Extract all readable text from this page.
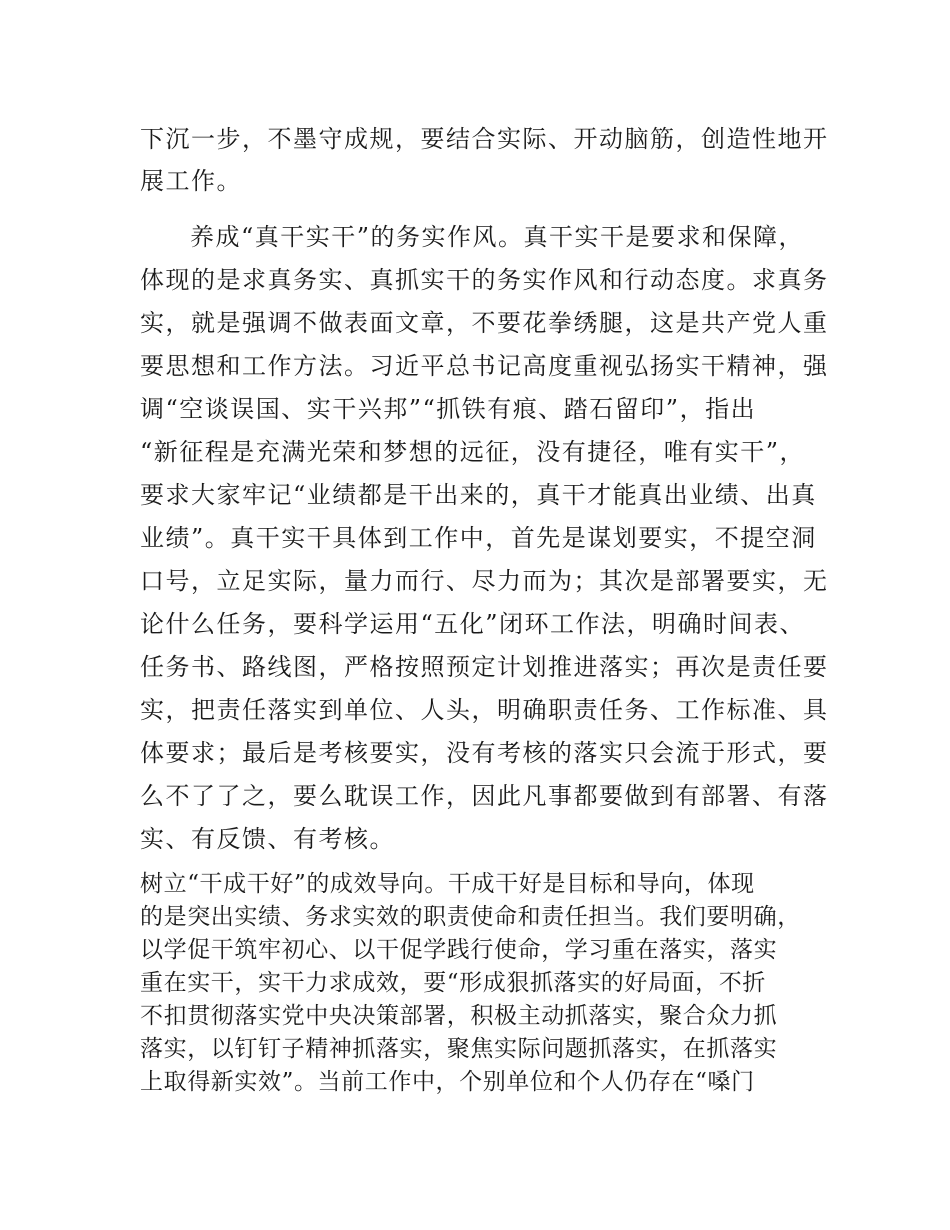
下沉一步，不墨守成规，要结合实际、开动脑筋，创造性地开
展工作。
养成“真干实干”的务实作风。真干实干是要求和保障，
体现的是求真务实、真抓实干的务实作风和行动态度。求真务
实，就是强调不做表面文章，不要花拳绣腿，这是共产党人重
要思想和工作方法。习近平总书记高度重视弘扬实干精神，强
调“空谈误国、实干兴邦”“抓铁有痕、踏石留印”，指出
“新征程是充满光荣和梦想的远征，没有捷径，唯有实干”，
要求大家牢记“业绩都是干出来的，真干才能真出业绩、出真
业绩”。真干实干具体到工作中，首先是谋划要实，不提空洞
口号，立足实际，量力而行、尽力而为；其次是部署要实，无
论什么任务，要科学运用“五化”闭环工作法，明确时间表、
任务书、路线图，严格按照预定计划推进落实；再次是责任要
实，把责任落实到单位、人头，明确职责任务、工作标准、具
体要求；最后是考核要实，没有考核的落实只会流于形式，要
么不了了之，要么耽误工作，因此凡事都要做到有部署、有落
实、有反馈、有考核。
树立“干成干好”的成效导向。干成干好是目标和导向，体现
的是突出实绩、务求实效的职责使命和责任担当。我们要明确，
以学促干筑牢初心、以干促学践行使命，学习重在落实，落实
重在实干，实干力求成效，要“形成狠抓落实的好局面，不折
不扣贯彻落实党中央决策部署，积极主动抓落实，聚合众力抓
落实，以钉钉子精神抓落实，聚焦实际问题抓落实，在抓落实
上取得新实效”。当前工作中，个别单位和个人仍存在“嗓门
